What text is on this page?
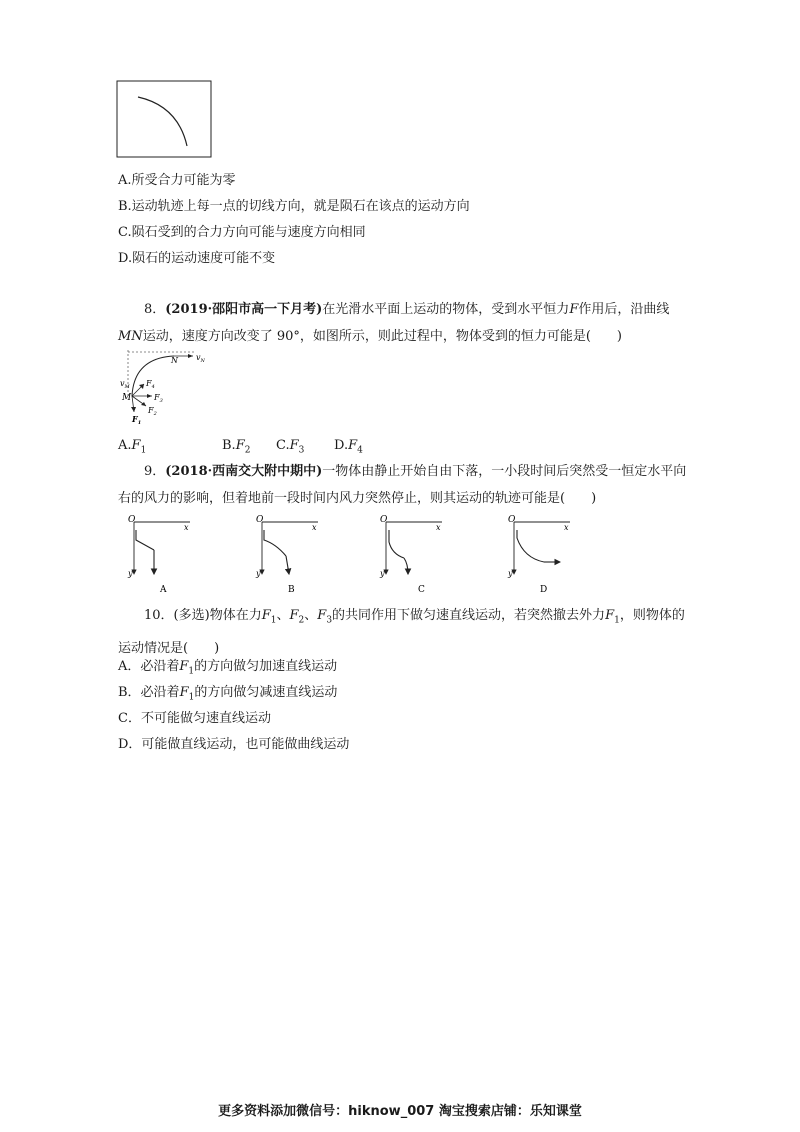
A.所受合力可能为零
B.运动轨迹上每一点的切线方向，就是陨石在该点的运动方向
C.陨石受到的合力方向可能与速度方向相同
D.陨石的运动速度可能不变
8．(2019·邵阳市高一下月考)在光滑水平面上运动的物体，受到水平恒力F作用后，沿曲线MN运动，速度方向改变了 90°，如图所示，则此过程中，物体受到的恒力可能是(　　)
N $v_N$
$v_M$
M
$F_4$
$F_3$
$F_2$
$F_1$
$A.F_1$	$B.F_2$ $C.F_3$ $D.F_4$
9．(2018·西南交大附中期中)一物体由静止开始自由下落，一小段时间后突然受一恒定水平向右的风力的影响，但着地前一段时间内风力突然停止，则其运动的轨迹可能是(　　)
O
x
y
A
O
x
y
B
O
x
y
C
O
x
y
D
10．(多选)物体在力$F_1$、$F_2$、$F_3$的共同作用下做匀速直线运动，若突然撤去外力$F_1$，则物体的运动情况是(　　)
A．必沿着$F_1$的方向做匀加速直线运动
B．必沿着$F_1$的方向做匀减速直线运动
C．不可能做匀速直线运动
D．可能做直线运动，也可能做曲线运动
更多资料添加微信号：hiknow_007 淘宝搜索店铺：乐知课堂
